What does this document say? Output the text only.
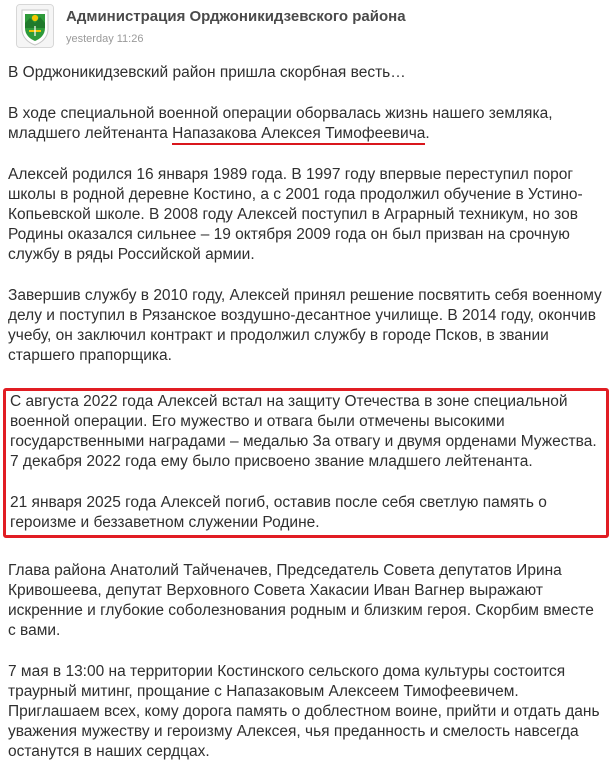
Администрация Орджоникидзевского района
yesterday 11:26

В Орджоникидзевский район пришла скорбная весть…

В ходе специальной военной операции оборвалась жизнь нашего земляка, младшего лейтенанта Напазакова Алексея Тимофеевича.

Алексей родился 16 января 1989 года. В 1997 году впервые переступил порог школы в родной деревне Костино, а с 2001 года продолжил обучение в Устино-Копьевской школе. В 2008 году Алексей поступил в Аграрный техникум, но зов Родины оказался сильнее – 19 октября 2009 года он был призван на срочную службу в ряды Российской армии.

Завершив службу в 2010 году, Алексей принял решение посвятить себя военному делу и поступил в Рязанское воздушно-десантное училище. В 2014 году, окончив учебу, он заключил контракт и продолжил службу в городе Псков, в звании старшего прапорщика.

С августа 2022 года Алексей встал на защиту Отечества в зоне специальной военной операции. Его мужество и отвага были отмечены высокими государственными наградами – медалью За отвагу и двумя орденами Мужества. 7 декабря 2022 года ему было присвоено звание младшего лейтенанта.

21 января 2025 года Алексей погиб, оставив после себя светлую память о героизме и беззаветном служении Родине.

Глава района Анатолий Тайченачев, Председатель Совета депутатов Ирина Кривошеева, депутат Верховного Совета Хакасии Иван Вагнер выражают искренние и глубокие соболезнования родным и близким героя. Скорбим вместе с вами.

7 мая в 13:00 на территории Костинского сельского дома культуры состоится траурный митинг, прощание с Напазаковым Алексеем Тимофеевичем. Приглашаем всех, кому дорога память о доблестном воине, прийти и отдать дань уважения мужеству и героизму Алексея, чья преданность и смелость навсегда останутся в наших сердцах.
